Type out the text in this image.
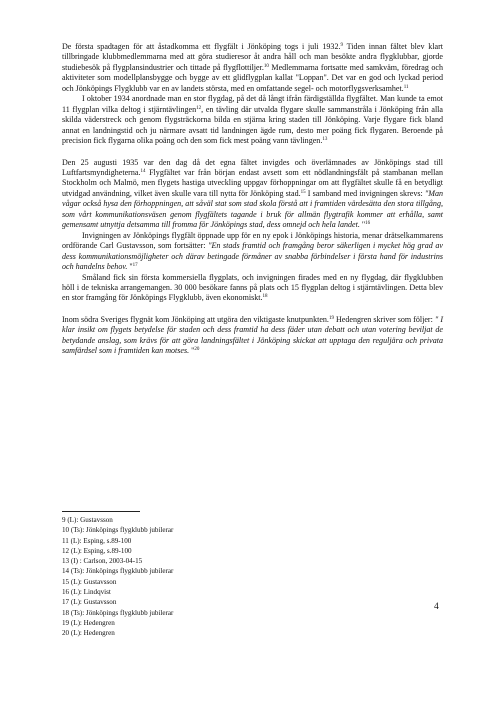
De första spadtagen för att åstadkomma ett flygfält i Jönköping togs i juli 1932.$^9$ Tiden innan fältet blev klart tillbringade klubbmedlemmarna med att göra studieresor åt andra håll och man besökte andra flygklubbar, gjorde studiebesök på flygplansindustrier och tittade på flygflottiljer.$^{10}$ Medlemmarna fortsatte med samkväm, föredrag och aktiviteter som modellplansbygge och bygge av ett glidflygplan kallat "Loppan". Det var en god och lyckad period och Jönköpings Flygklubb var en av landets största, med en omfattande segel- och motorflygsverksamhet.$^{11}$

I oktober 1934 anordnade man en stor flygdag, på det då långt ifrån färdigställda flygfältet. Man kunde ta emot 11 flygplan vilka deltog i stjärntävlingen$^{12}$, en tävling där utvalda flygare skulle sammanstråla i Jönköping från alla skilda väderstreck och genom flygsträckorna bilda en stjärna kring staden till Jönköping. Varje flygare fick bland annat en landningstid och ju närmare avsatt tid landningen ägde rum, desto mer poäng fick flygaren. Beroende på precision fick flygarna olika poäng och den som fick mest poäng vann tävlingen.$^{13}$

Den 25 augusti 1935 var den dag då det egna fältet invigdes och överlämnades av Jönköpings stad till Luftfartsmyndigheterna.$^{14}$ Flygfältet var från början endast avsett som ett nödlandningsfält på stambanan mellan Stockholm och Malmö, men flygets hastiga utveckling uppgav förhoppningar om att flygfältet skulle få en betydligt utvidgad användning, vilket även skulle vara till nytta för Jönköping stad.$^{15}$ I samband med invigningen skrevs: "Man vågar också hysa den förhoppningen, att såväl stat som stad skola förstå att i framtiden värdesätta den stora tillgång, som vårt kommunikationsväsen genom flygfältets tagande i bruk för allmän flygtrafik kommer att erhålla, samt gemensamt utnyttja detsamma till fromma för Jönköpings stad, dess omnejd och hela landet. "$^{16}$

Invigningen av Jönköpings flygfält öppnade upp för en ny epok i Jönköpings historia, menar drätselkammarens ordförande Carl Gustavsson, som fortsätter: "En stads framtid och framgång beror säkerligen i mycket hög grad av dess kommunikationsmöjligheter och därav betingade förmåner av snabba förbindelser i första hand för industrins och handelns behov. "$^{17}$

Småland fick sin första kommersiella flygplats, och invigningen firades med en ny flygdag, där flygklubben höll i de tekniska arrangemangen. 30 000 besökare fanns på plats och 15 flygplan deltog i stjärntävlingen. Detta blev en stor framgång för Jönköpings Flygklubb, även ekonomiskt.$^{18}$

Inom södra Sveriges flygnät kom Jönköping att utgöra den viktigaste knutpunkten.$^{19}$ Hedengren skriver som följer: " I klar insikt om flygets betydelse för staden och dess framtid ha dess fäder utan debatt och utan votering beviljat de betydande anslag, som krävs för att göra landningsfältet i Jönköping skickat att upptaga den reguljära och privata samfärdsel som i framtiden kan motses. "$^{20}$

9 (L): Gustavsson
10 (Ts): Jönköpings flygklubb jubilerar
11 (L): Esping, s.89-100
12 (L): Esping, s.89-100
13 (I) : Carlson, 2003-04-15
14 (Ts): Jönköpings flygklubb jubilerar
15 (L): Gustavsson
16 (L): Lindqvist
17 (L): Gustavsson
18 (Ts): Jönköpings flygklubb jubilerar
19 (L): Hedengren
20 (L): Hedengren
4
